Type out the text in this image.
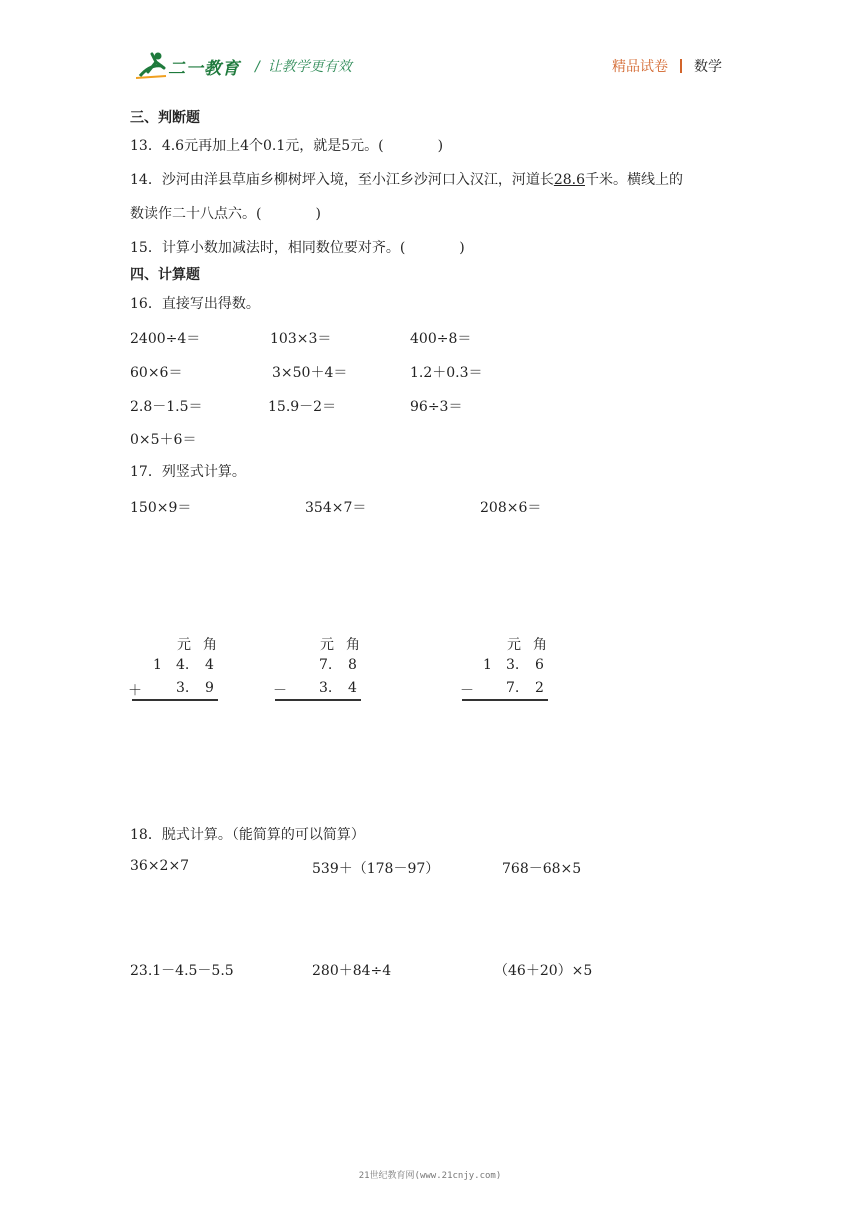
二一教育 / 让教学更有效	精品试卷 数学
三、判断题
13．4.6元再加上4个0.1元，就是5元。(	)
14．沙河由洋县草庙乡柳树坪入境，至小江乡沙河口入汉江，河道长28.6千米。横线上的
数读作二十八点六。(	)
15．计算小数加减法时，相同数位要对齐。(	)
四、计算题
16．直接写出得数。
2400÷4＝	103×3＝	400÷8＝
60×6＝	3×50＋4＝	1.2＋0.3＝
2.8－1.5＝	15.9－2＝	96÷3＝
0×5＋6＝
17．列竖式计算。
150×9＝	354×7＝	208×6＝
元 角
1 4. 4
＋ 3. 9
元 角
7. 8
－ 3. 4
元 角
1 3. 6
－ 7. 2
18．脱式计算。（能简算的可以简算）
36×2×7	539＋（178－97）	768－68×5
23.1－4.5－5.5	280＋84÷4	（46＋20）×5
21世纪教育网(www.21cnjy.com)
